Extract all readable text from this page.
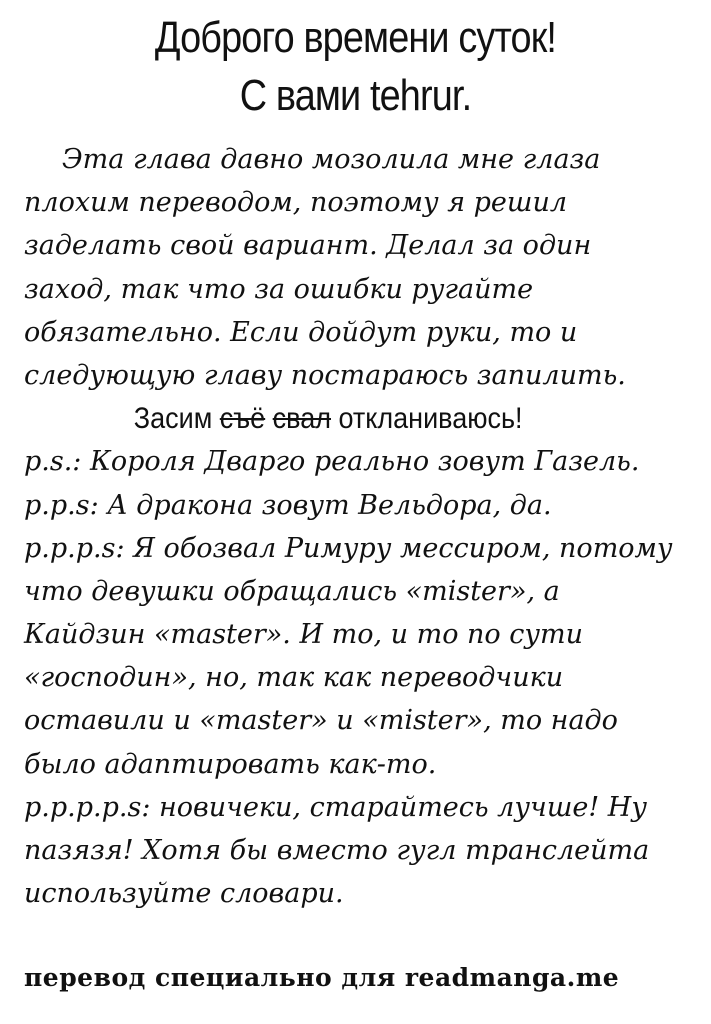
Доброго времени суток!
С вами tehrur.
Эта глава давно мозолила мне глаза
плохим переводом, поэтому я решил
заделать свой вариант. Делал за один
заход, так что за ошибки ругайте
обязательно. Если дойдут руки, то и
следующую главу постараюсь запилить.
Засим съё свал откланиваюсь!
p.s.: Короля Дварго реально зовут Газель.
p.p.s: А дракона зовут Вельдора, да.
p.p.p.s: Я обозвал Римуру мессиром, потому
что девушки обращались «mister», а
Кайдзин «master». И то, и то по сути
«господин», но, так как переводчики
оставили и «master» и «mister», то надо
было адаптировать как-то.
p.p.p.p.s: новичеки, старайтесь лучше! Ну
пазязя! Хотя бы вместо гугл транслейта
используйте словари.
перевод специально для readmanga.me
